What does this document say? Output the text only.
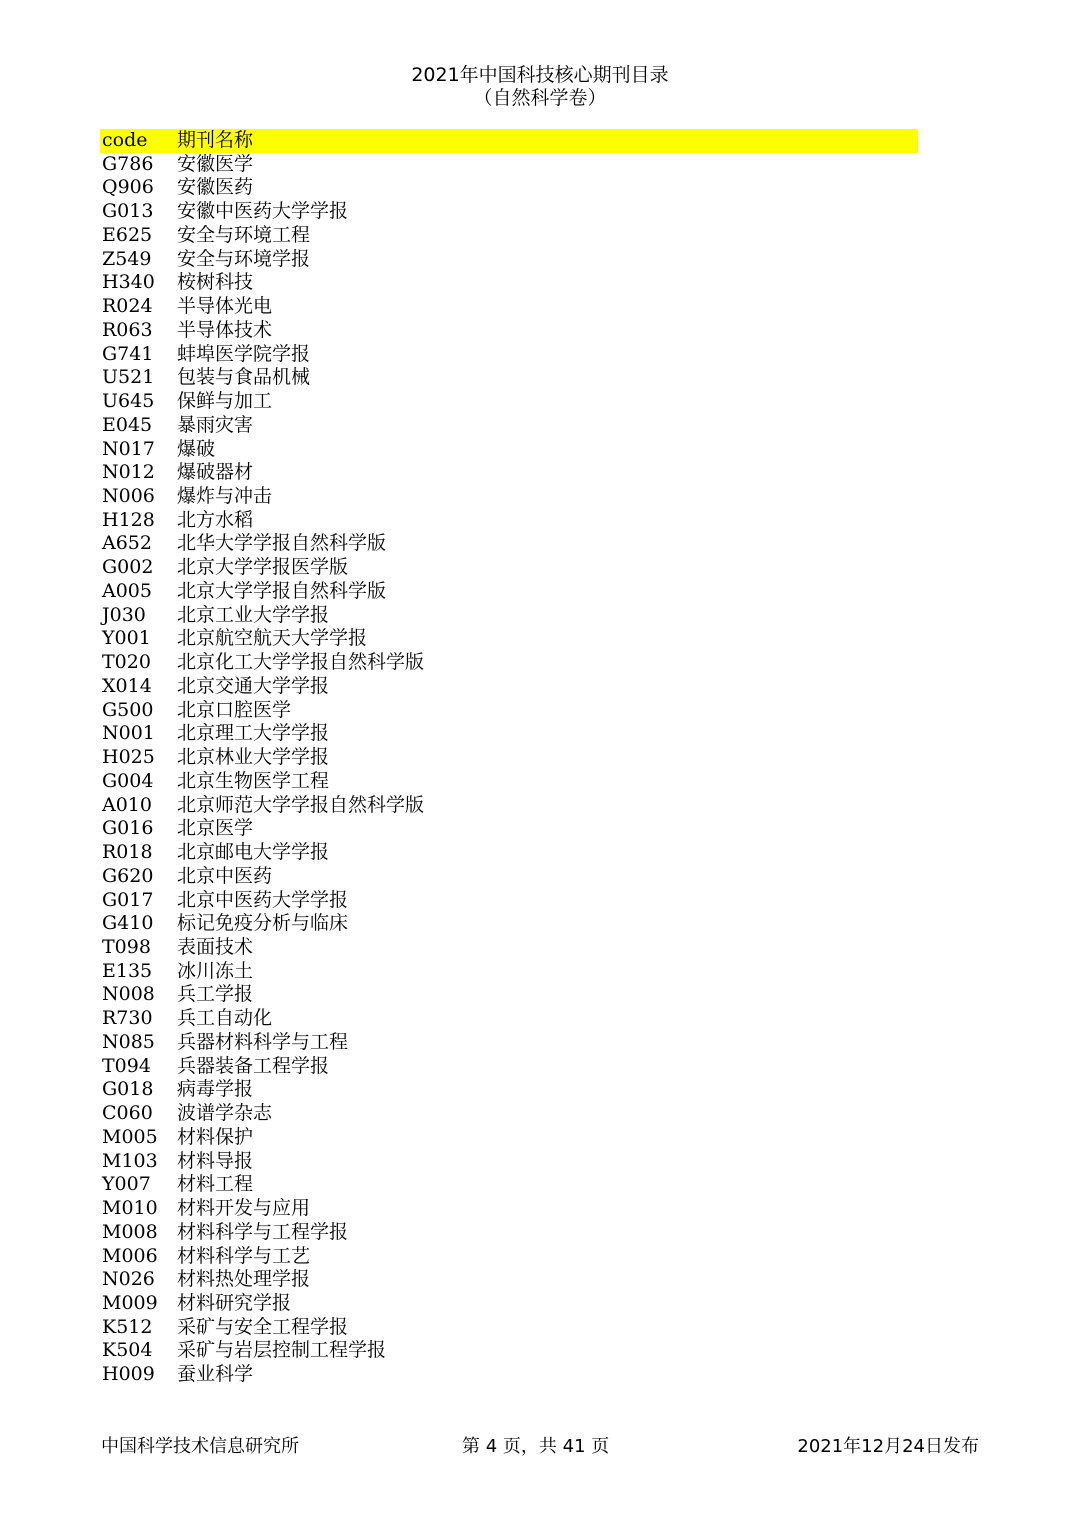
2021年中国科技核心期刊目录
（自然科学卷）
code	期刊名称
G786	安徽医学
Q906	安徽医药
G013	安徽中医药大学学报
E625	安全与环境工程
Z549	安全与环境学报
H340	桉树科技
R024	半导体光电
R063	半导体技术
G741	蚌埠医学院学报
U521	包装与食品机械
U645	保鲜与加工
E045	暴雨灾害
N017	爆破
N012	爆破器材
N006	爆炸与冲击
H128	北方水稻
A652	北华大学学报自然科学版
G002	北京大学学报医学版
A005	北京大学学报自然科学版
J030	北京工业大学学报
Y001	北京航空航天大学学报
T020	北京化工大学学报自然科学版
X014	北京交通大学学报
G500	北京口腔医学
N001	北京理工大学学报
H025	北京林业大学学报
G004	北京生物医学工程
A010	北京师范大学学报自然科学版
G016	北京医学
R018	北京邮电大学学报
G620	北京中医药
G017	北京中医药大学学报
G410	标记免疫分析与临床
T098	表面技术
E135	冰川冻土
N008	兵工学报
R730	兵工自动化
N085	兵器材料科学与工程
T094	兵器装备工程学报
G018	病毒学报
C060	波谱学杂志
M005	材料保护
M103	材料导报
Y007	材料工程
M010	材料开发与应用
M008	材料科学与工程学报
M006	材料科学与工艺
N026	材料热处理学报
M009	材料研究学报
K512	采矿与安全工程学报
K504	采矿与岩层控制工程学报
H009	蚕业科学
中国科学技术信息研究所	第 4 页，共 41 页	2021年12月24日发布
